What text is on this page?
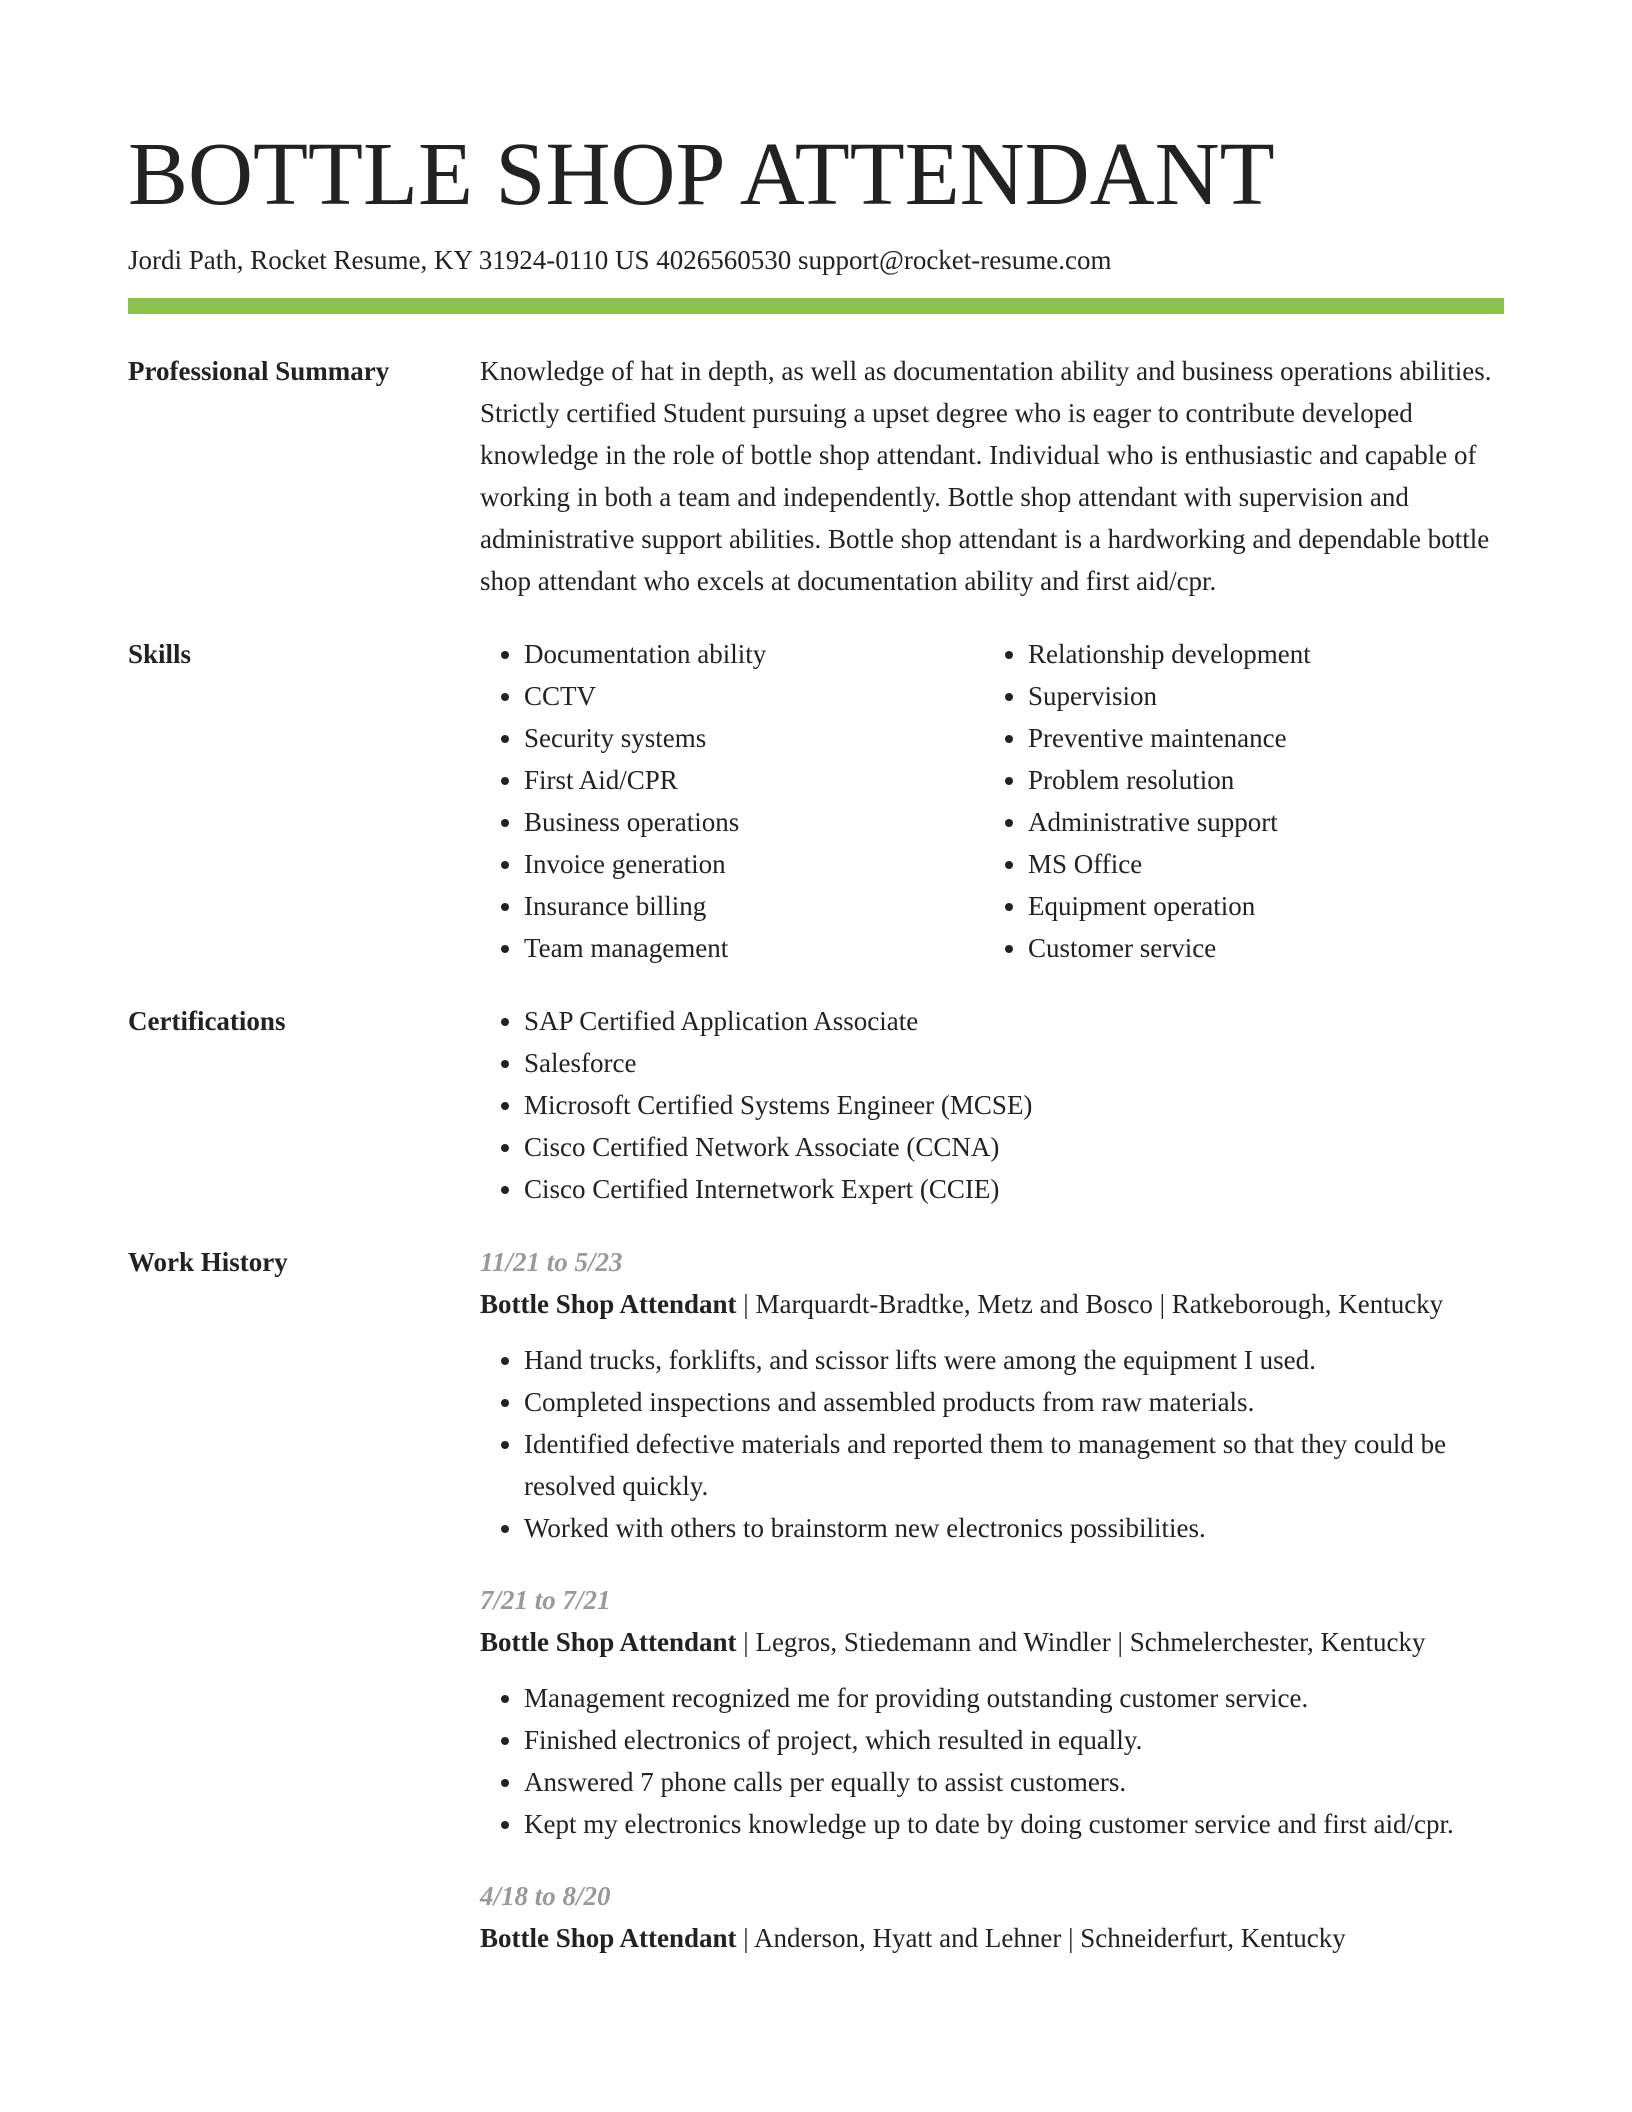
BOTTLE SHOP ATTENDANT
Jordi Path, Rocket Resume, KY 31924-0110 US 4026560530 support@rocket-resume.com
Professional Summary	Knowledge of hat in depth, as well as documentation ability and business operations abilities. Strictly certified Student pursuing a upset degree who is eager to contribute developed knowledge in the role of bottle shop attendant. Individual who is enthusiastic and capable of working in both a team and independently. Bottle shop attendant with supervision and administrative support abilities. Bottle shop attendant is a hardworking and dependable bottle shop attendant who excels at documentation ability and first aid/cpr.

Skills	• Documentation ability
• CCTV
• Security systems
• First Aid/CPR
• Business operations
• Invoice generation
• Insurance billing
• Team management
• Relationship development
• Supervision
• Preventive maintenance
• Problem resolution
• Administrative support
• MS Office
• Equipment operation
• Customer service
Certifications	• SAP Certified Application Associate
• Salesforce
• Microsoft Certified Systems Engineer (MCSE)
• Cisco Certified Network Associate (CCNA)
• Cisco Certified Internetwork Expert (CCIE)
Work History	11/21 to 5/23
Bottle Shop Attendant | Marquardt-Bradtke, Metz and Bosco | Ratkeborough, Kentucky
• Hand trucks, forklifts, and scissor lifts were among the equipment I used.
• Completed inspections and assembled products from raw materials.
• Identified defective materials and reported them to management so that they could be resolved quickly.
• Worked with others to brainstorm new electronics possibilities.
7/21 to 7/21
Bottle Shop Attendant | Legros, Stiedemann and Windler | Schmelerchester, Kentucky
• Management recognized me for providing outstanding customer service.
• Finished electronics of project, which resulted in equally.
• Answered 7 phone calls per equally to assist customers.
• Kept my electronics knowledge up to date by doing customer service and first aid/cpr.
4/18 to 8/20
Bottle Shop Attendant | Anderson, Hyatt and Lehner | Schneiderfurt, Kentucky
